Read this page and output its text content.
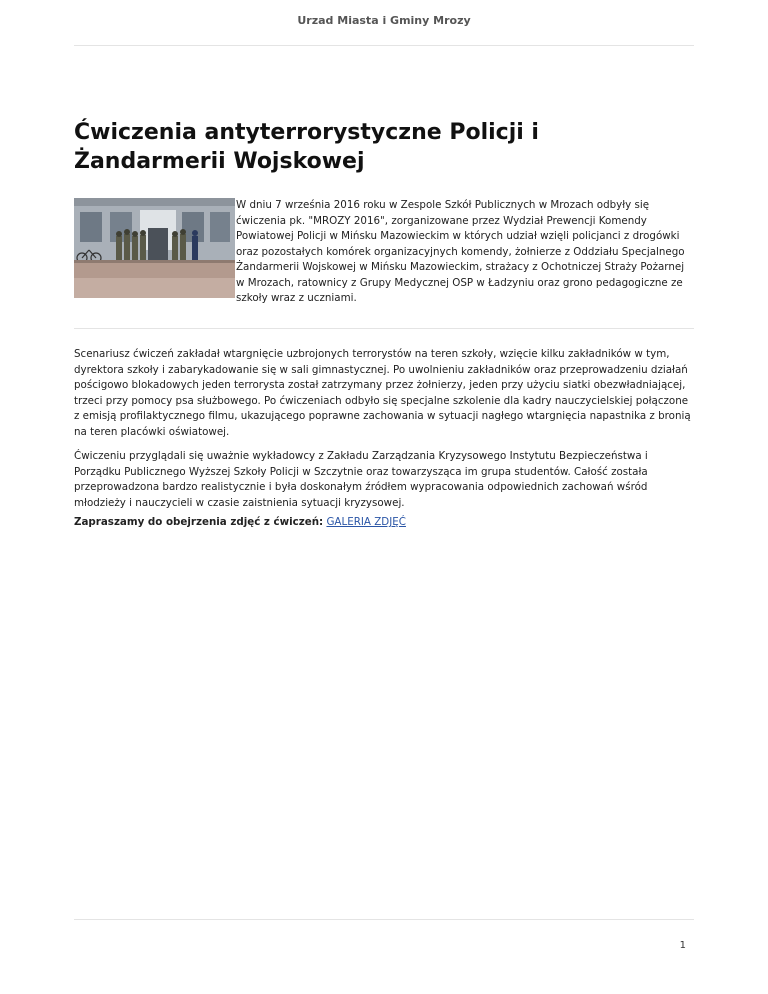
Urzad Miasta i Gminy Mrozy
Ćwiczenia antyterrorystyczne Policji i Żandarmerii Wojskowej

W dniu 7 września 2016 roku w Zespole Szkół Publicznych w Mrozach odbyły się ćwiczenia pk. "MROZY 2016", zorganizowane przez Wydział Prewencji Komendy Powiatowej Policji w Mińsku Mazowieckim w których udział wzięli policjanci z drogówki oraz pozostałych komórek organizacyjnych komendy, żołnierze z Oddziału Specjalnego Żandarmerii Wojskowej w Mińsku Mazowieckim, strażacy z Ochotniczej Straży Pożarnej w Mrozach, ratownicy z Grupy Medycznej OSP w Ładzyniu oraz grono pedagogiczne ze szkoły wraz z uczniami.

Scenariusz ćwiczeń zakładał wtargnięcie uzbrojonych terrorystów na teren szkoły, wzięcie kilku zakładników w tym, dyrektora szkoły i zabarykadowanie się w sali gimnastycznej. Po uwolnieniu zakładników oraz przeprowadzeniu działań pościgowo blokadowych jeden terrorysta został zatrzymany przez żołnierzy, jeden przy użyciu siatki obezwładniającej, trzeci przy pomocy psa służbowego. Po ćwiczeniach odbyło się specjalne szkolenie dla kadry nauczycielskiej połączone z emisją profilaktycznego filmu, ukazującego poprawne zachowania w sytuacji nagłego wtargnięcia napastnika z bronią na teren placówki oświatowej.

Ćwiczeniu przyglądali się uważnie wykładowcy z Zakładu Zarządzania Kryzysowego Instytutu Bezpieczeństwa i Porządku Publicznego Wyższej Szkoły Policji w Szczytnie oraz towarzysząca im grupa studentów. Całość została przeprowadzona bardzo realistycznie i była doskonałym źródłem wypracowania odpowiednich zachowań wśród młodzieży i nauczycieli w czasie zaistnienia sytuacji kryzysowej.

Zapraszamy do obejrzenia zdjęć z ćwiczeń: GALERIA ZDJĘĆ

1
